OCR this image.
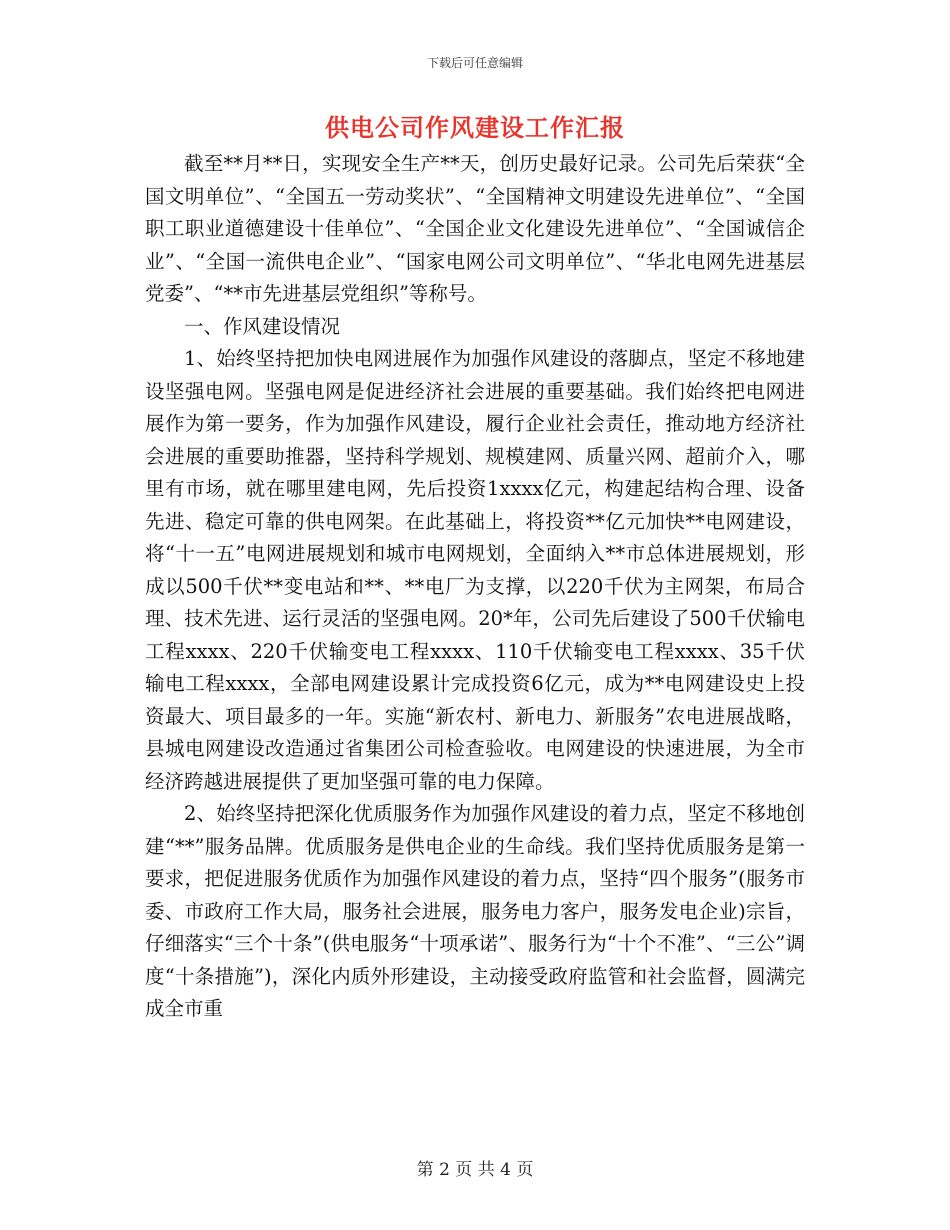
下载后可任意编辑
供电公司作风建设工作汇报

截至**月**日，实现安全生产**天，创历史最好记录。公司先后荣获“全国文明单位”、“全国五一劳动奖状”、“全国精神文明建设先进单位”、“全国职工职业道德建设十佳单位”、“全国企业文化建设先进单位”、“全国诚信企业”、“全国一流供电企业”、“国家电网公司文明单位”、“华北电网先进基层党委”、“**市先进基层党组织”等称号。

一、作风建设情况

1、始终坚持把加快电网进展作为加强作风建设的落脚点，坚定不移地建设坚强电网。坚强电网是促进经济社会进展的重要基础。我们始终把电网进展作为第一要务，作为加强作风建设，履行企业社会责任，推动地方经济社会进展的重要助推器，坚持科学规划、规模建网、质量兴网、超前介入，哪里有市场，就在哪里建电网，先后投资1xxxx亿元，构建起结构合理、设备先进、稳定可靠的供电网架。在此基础上，将投资**亿元加快**电网建设，将“十一五”电网进展规划和城市电网规划，全面纳入**市总体进展规划，形成以500千伏**变电站和**、**电厂为支撑，以220千伏为主网架，布局合理、技术先进、运行灵活的坚强电网。20*年，公司先后建设了500千伏输电工程xxxx、220千伏输变电工程xxxx、110千伏输变电工程xxxx、35千伏输电工程xxxx，全部电网建设累计完成投资6亿元，成为**电网建设史上投资最大、项目最多的一年。实施“新农村、新电力、新服务”农电进展战略，县城电网建设改造通过省集团公司检查验收。电网建设的快速进展，为全市经济跨越进展提供了更加坚强可靠的电力保障。

2、始终坚持把深化优质服务作为加强作风建设的着力点，坚定不移地创建“**”服务品牌。优质服务是供电企业的生命线。我们坚持优质服务是第一要求，把促进服务优质作为加强作风建设的着力点，坚持“四个服务”(服务市委、市政府工作大局，服务社会进展，服务电力客户，服务发电企业)宗旨，仔细落实“三个十条”(供电服务“十项承诺”、服务行为“十个不准”、“三公”调度“十条措施”)，深化内质外形建设，主动接受政府监管和社会监督，圆满完成全市重

第 2 页 共 4 页
